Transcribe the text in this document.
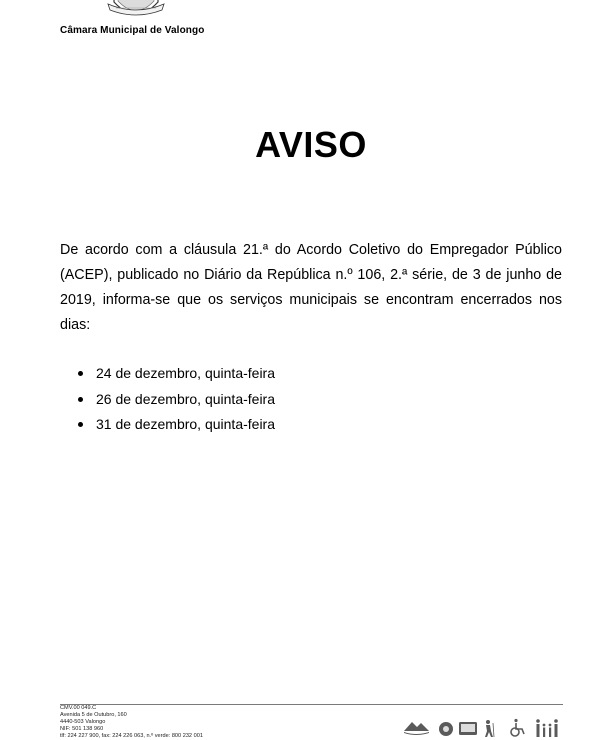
Câmara Municipal de Valongo
AVISO
De acordo com a cláusula 21.ª do Acordo Coletivo do Empregador Público (ACEP), publicado no Diário da República n.º 106, 2.ª série, de 3 de junho de 2019, informa-se que os serviços municipais se encontram encerrados nos dias:
24 de dezembro, quinta-feira
26 de dezembro, quinta-feira
31 de dezembro, quinta-feira
CMV.00 049.C
Avenida 5 de Outubro, 160
4440-503 Valongo
NIF: 501 138 960
tlf: 224 227 900, fax: 224 226 063, n.º verde: 800 232 001
